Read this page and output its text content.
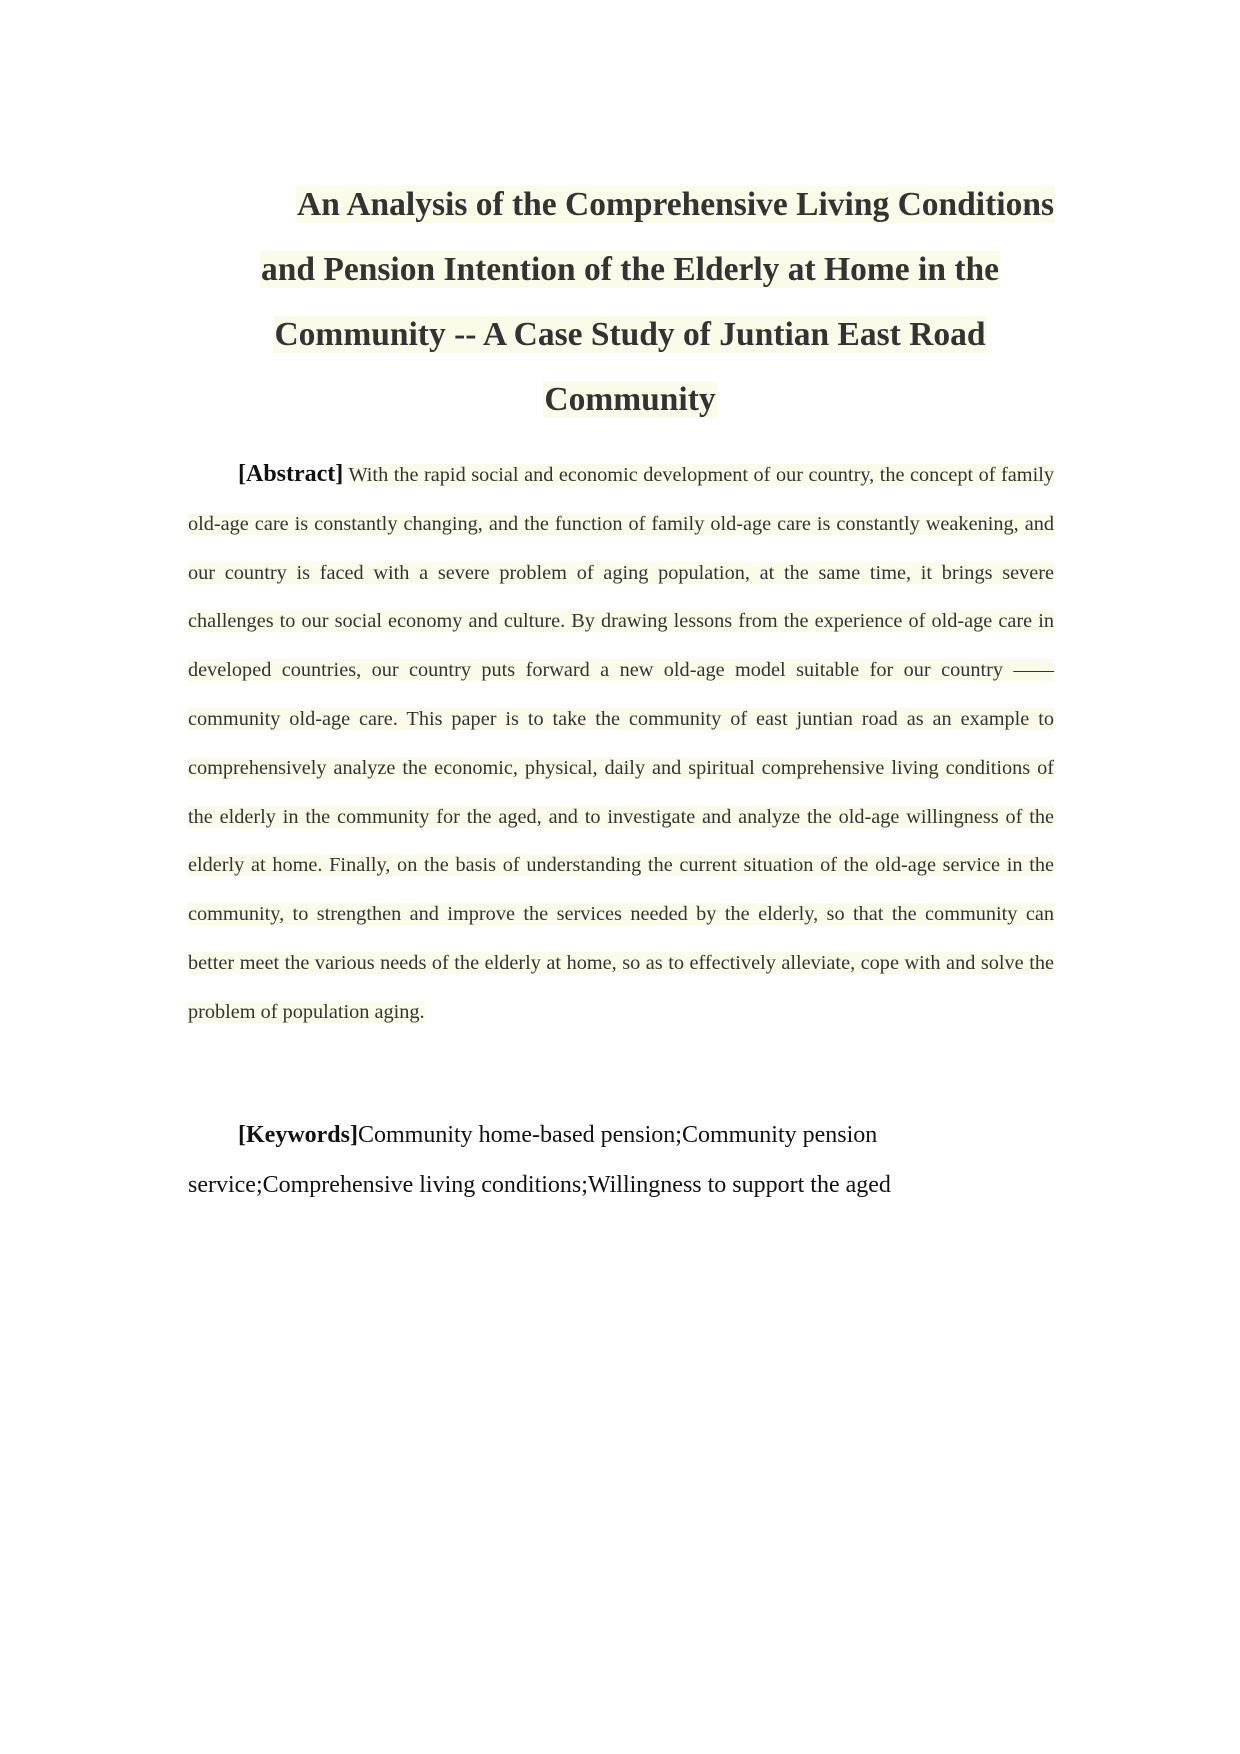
An Analysis of the Comprehensive Living Conditions
and Pension Intention of the Elderly at Home in the
Community -- A Case Study of Juntian East Road
Community

[Abstract] With the rapid social and economic development of our country, the concept of family old-age care is constantly changing, and the function of family old-age care is constantly weakening, and our country is faced with a severe problem of aging population, at the same time, it brings severe challenges to our social economy and culture. By drawing lessons from the experience of old-age care in developed countries, our country puts forward a new old-age model suitable for our country —— community old-age care. This paper is to take the community of east juntian road as an example to comprehensively analyze the economic, physical, daily and spiritual comprehensive living conditions of the elderly in the community for the aged, and to investigate and analyze the old-age willingness of the elderly at home. Finally, on the basis of understanding the current situation of the old-age service in the community, to strengthen and improve the services needed by the elderly, so that the community can better meet the various needs of the elderly at home, so as to effectively alleviate, cope with and solve the problem of population aging.

[Keywords]Community home-based pension;Community pension service;Comprehensive living conditions;Willingness to support the aged
